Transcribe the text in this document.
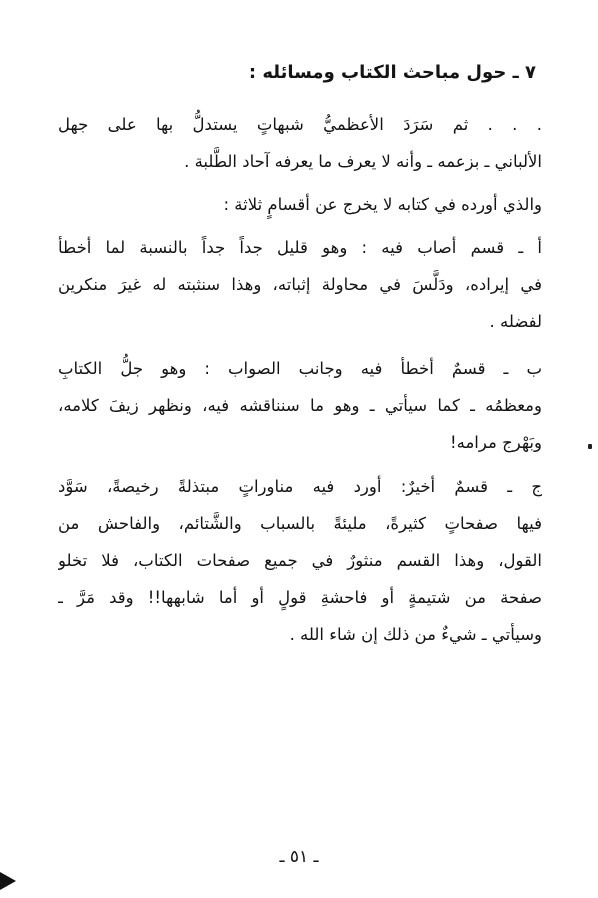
٧ ـ حول مباحث الكتاب ومسائله :
. . . ثم سَرَدَ الأعظميُّ شبهاتٍ يستدلُّ بها على جهل
الألباني ـ بزعمه ـ وأنه لا يعرف ما يعرفه آحاد الطَّلبة .
والذي أورده في كتابه لا يخرج عن أقسامٍ ثلاثة :
أ ـ قسم أصاب فيه : وهو قليل جداً جداً بالنسبة لما أخطأ
في إيراده، ودَلَّسَ في محاولة إثباته، وهذا سنثبته له غيرَ منكرين
لفضله .
ب ـ قسمٌ أخطأ فيه وجانب الصواب : وهو جلُّ الكتابِ
ومعظمُه ـ كما سيأتي ـ وهو ما سنناقشه فيه، ونظهر زيفَ كلامه،
وبَهْرج مرامه!
ج ـ قسمٌ أخيرٌ: أورد فيه مناوراتٍ مبتذلةً رخيصةً، سَوَّد
فيها صفحاتٍ كثيرةً، مليئةً بالسباب والشَّتائم، والفاحش من
القول، وهذا القسم منثورٌ في جميع صفحات الكتاب، فلا تخلو
صفحة من شتيمةٍ أو فاحشةِ قولٍ أو أما شابهها!! وقد مَرَّ ـ
وسيأتي ـ شيءٌ من ذلك إن شاء الله .
ـ ٥١ ـ
